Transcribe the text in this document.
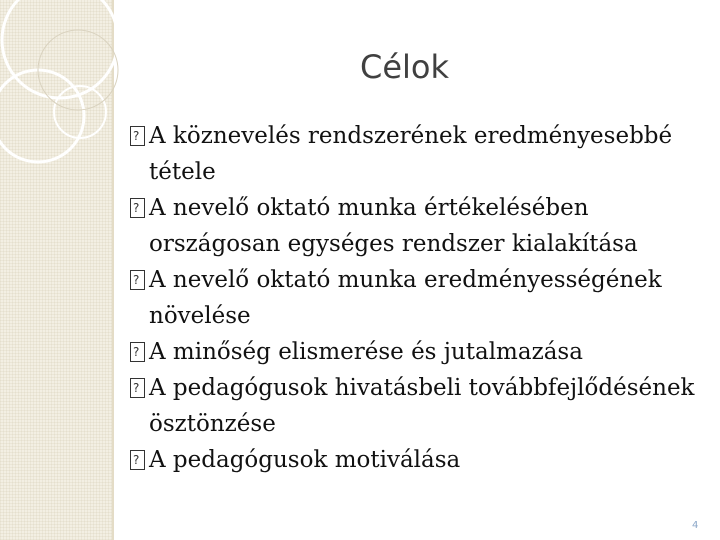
Célok
?
A köznevelés rendszerének eredményesebbé tétele
?
A nevelő oktató munka értékelésében országosan egységes rendszer kialakítása
?
A nevelő oktató munka eredményességének növelése
?
A minőség elismerése és jutalmazása
?
A pedagógusok hivatásbeli továbbfejlődésének ösztönzése
?
A pedagógusok motiválása
4
